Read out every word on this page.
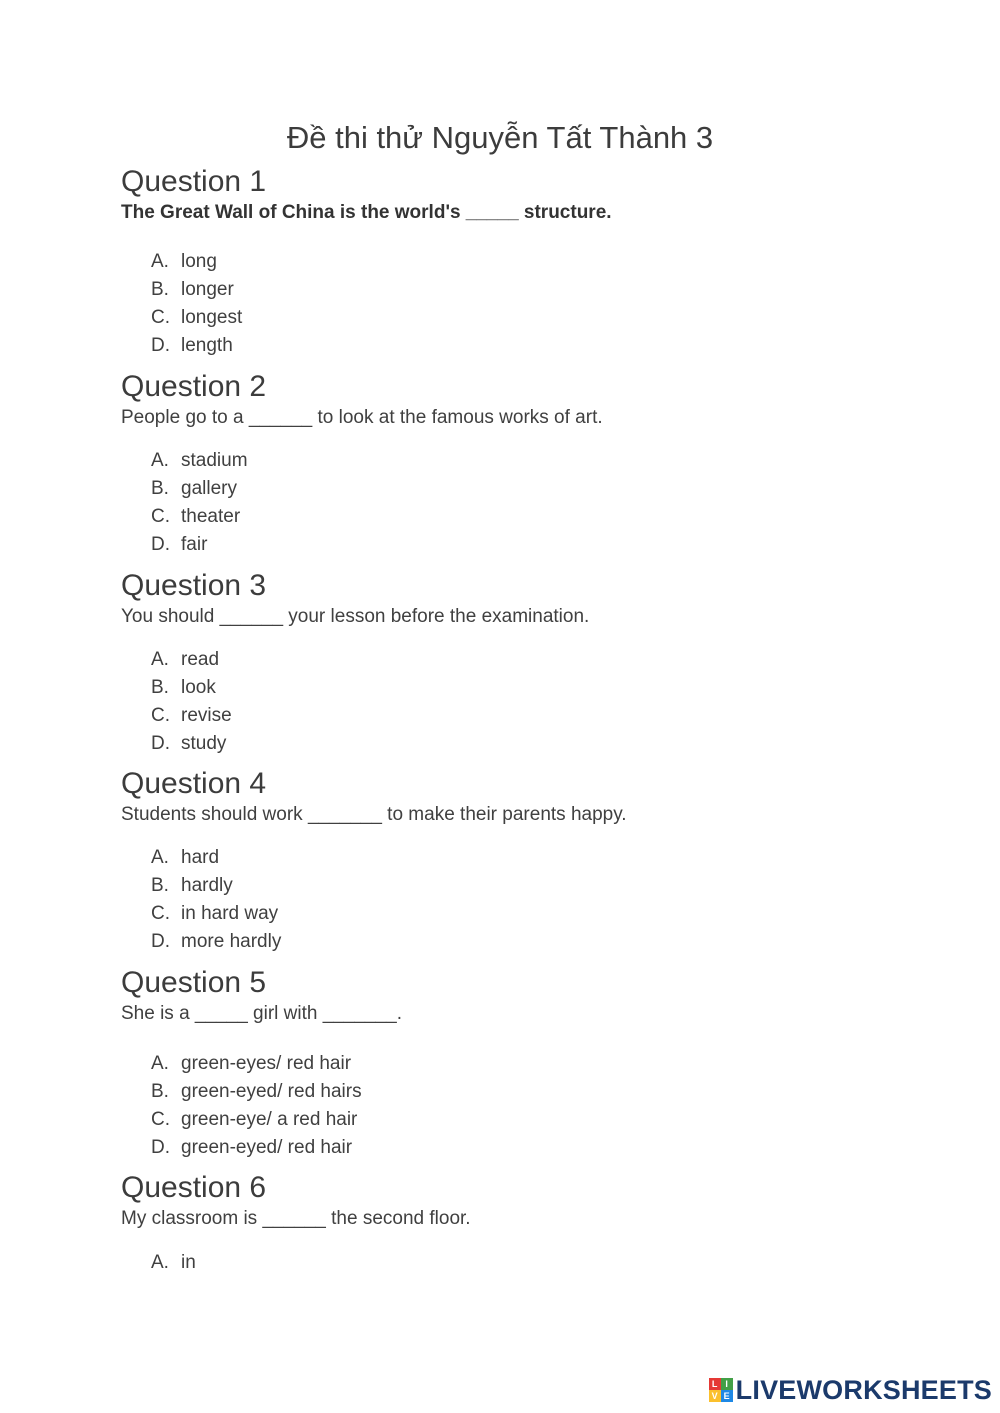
Đề thi thử Nguyễn Tất Thành 3
Question 1

The Great Wall of China is the world's _____ structure.

A. long
B. longer
C. longest
D. length
Question 2

People go to a ______ to look at the famous works of art.

A. stadium
B. gallery
C. theater
D. fair
Question 3

You should ______ your lesson before the examination.

A. read
B. look
C. revise
D. study
Question 4

Students should work _______ to make their parents happy.

A. hard
B. hardly
C. in hard way
D. more hardly
Question 5

She is a _____ girl with _______.

A. green-eyes/ red hair
B. green-eyed/ red hairs
C. green-eye/ a red hair
D. green-eyed/ red hair
Question 6

My classroom is ______ the second floor.

A. in
L I
V E LIVEWORKSHEETS
